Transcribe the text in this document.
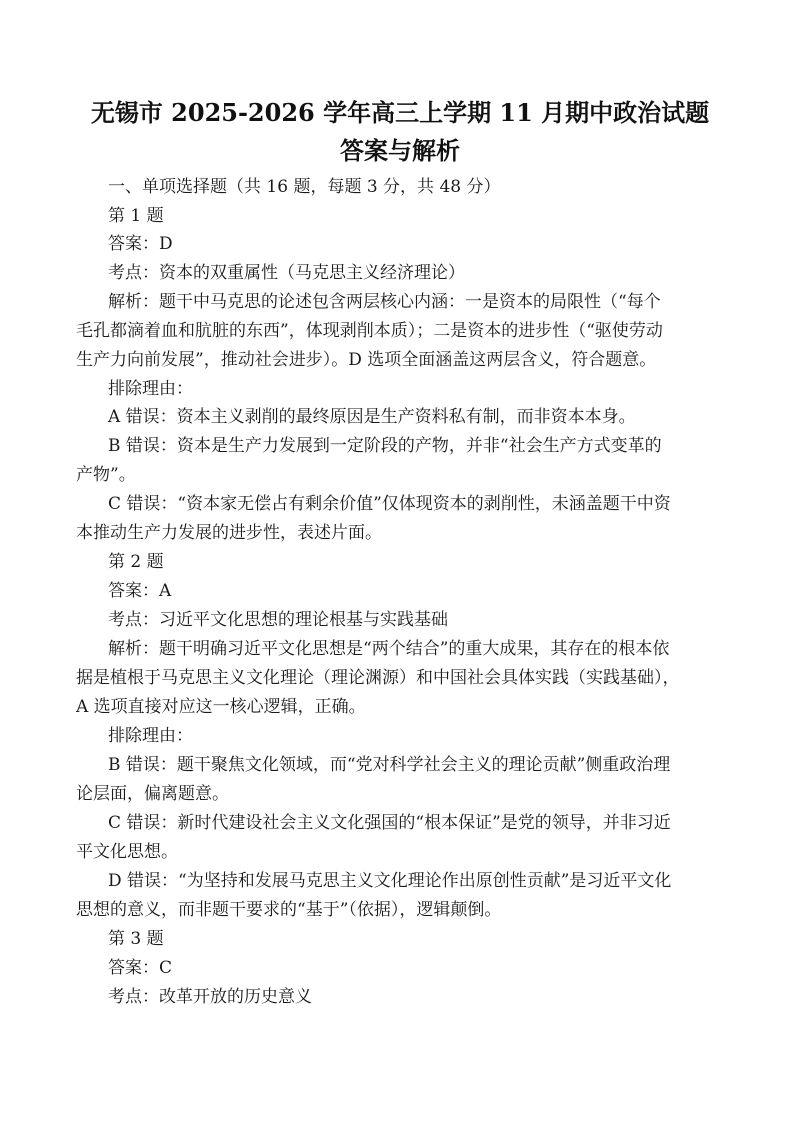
无锡市 2025-2026 学年高三上学期 11 月期中政治试题
答案与解析
一、单项选择题（共 16 题，每题 3 分，共 48 分）
第 1 题
答案：D
考点：资本的双重属性（马克思主义经济理论）
解析：题干中马克思的论述包含两层核心内涵：一是资本的局限性（“每个
毛孔都滴着血和肮脏的东西”，体现剥削本质）；二是资本的进步性（“驱使劳动
生产力向前发展”，推动社会进步）。D 选项全面涵盖这两层含义，符合题意。
排除理由：
A 错误：资本主义剥削的最终原因是生产资料私有制，而非资本本身。
B 错误：资本是生产力发展到一定阶段的产物，并非“社会生产方式变革的
产物”。
C 错误：“资本家无偿占有剩余价值”仅体现资本的剥削性，未涵盖题干中资
本推动生产力发展的进步性，表述片面。
第 2 题
答案：A
考点：习近平文化思想的理论根基与实践基础
解析：题干明确习近平文化思想是“两个结合”的重大成果，其存在的根本依
据是植根于马克思主义文化理论（理论渊源）和中国社会具体实践（实践基础），
A 选项直接对应这一核心逻辑，正确。
排除理由：
B 错误：题干聚焦文化领域，而“党对科学社会主义的理论贡献”侧重政治理
论层面，偏离题意。
C 错误：新时代建设社会主义文化强国的“根本保证”是党的领导，并非习近
平文化思想。
D 错误：“为坚持和发展马克思主义文化理论作出原创性贡献”是习近平文化
思想的意义，而非题干要求的“基于”（依据），逻辑颠倒。
第 3 题
答案：C
考点：改革开放的历史意义
